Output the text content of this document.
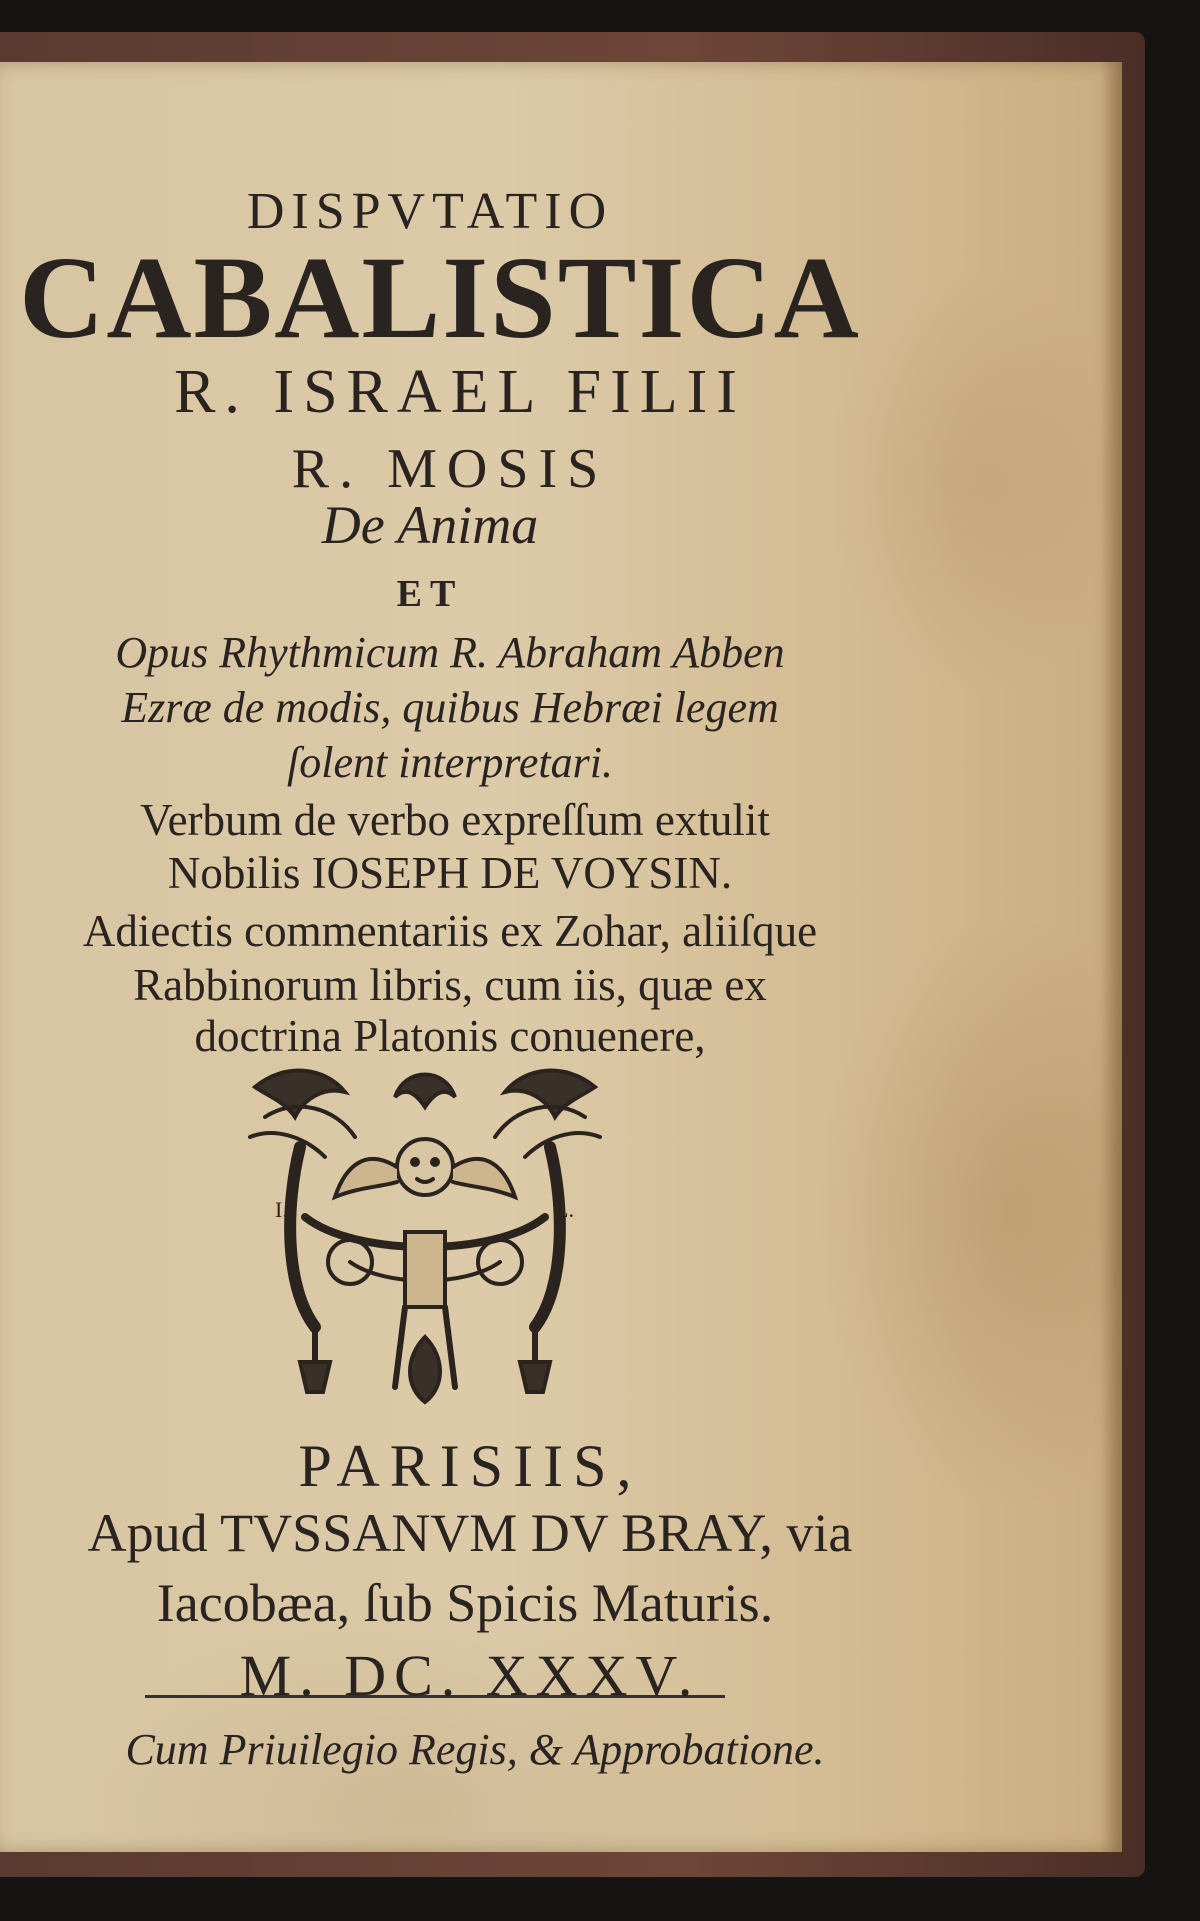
DISPVTATIO
CABALISTICA
R. ISRAEL FILII
R. MOSIS
De Anima
ET
Opus Rhythmicum R. Abraham Abben
Ezræ de modis, quibus Hebræi legem
ſolent interpretari.
Verbum de verbo expreſſum extulit
Nobilis IOSEPH DE VOYSIN.
Adiectis commentariis ex Zohar, aliiſque
Rabbinorum libris, cum iis, quæ ex
doctrina Platonis conuenere,
I.	L.
PARISIIS,
Apud TVSSANVM DV BRAY, via
Iacobæa, ſub Spicis Maturis.
M. DC. XXXV.
Cum Priuilegio Regis, & Approbatione.
